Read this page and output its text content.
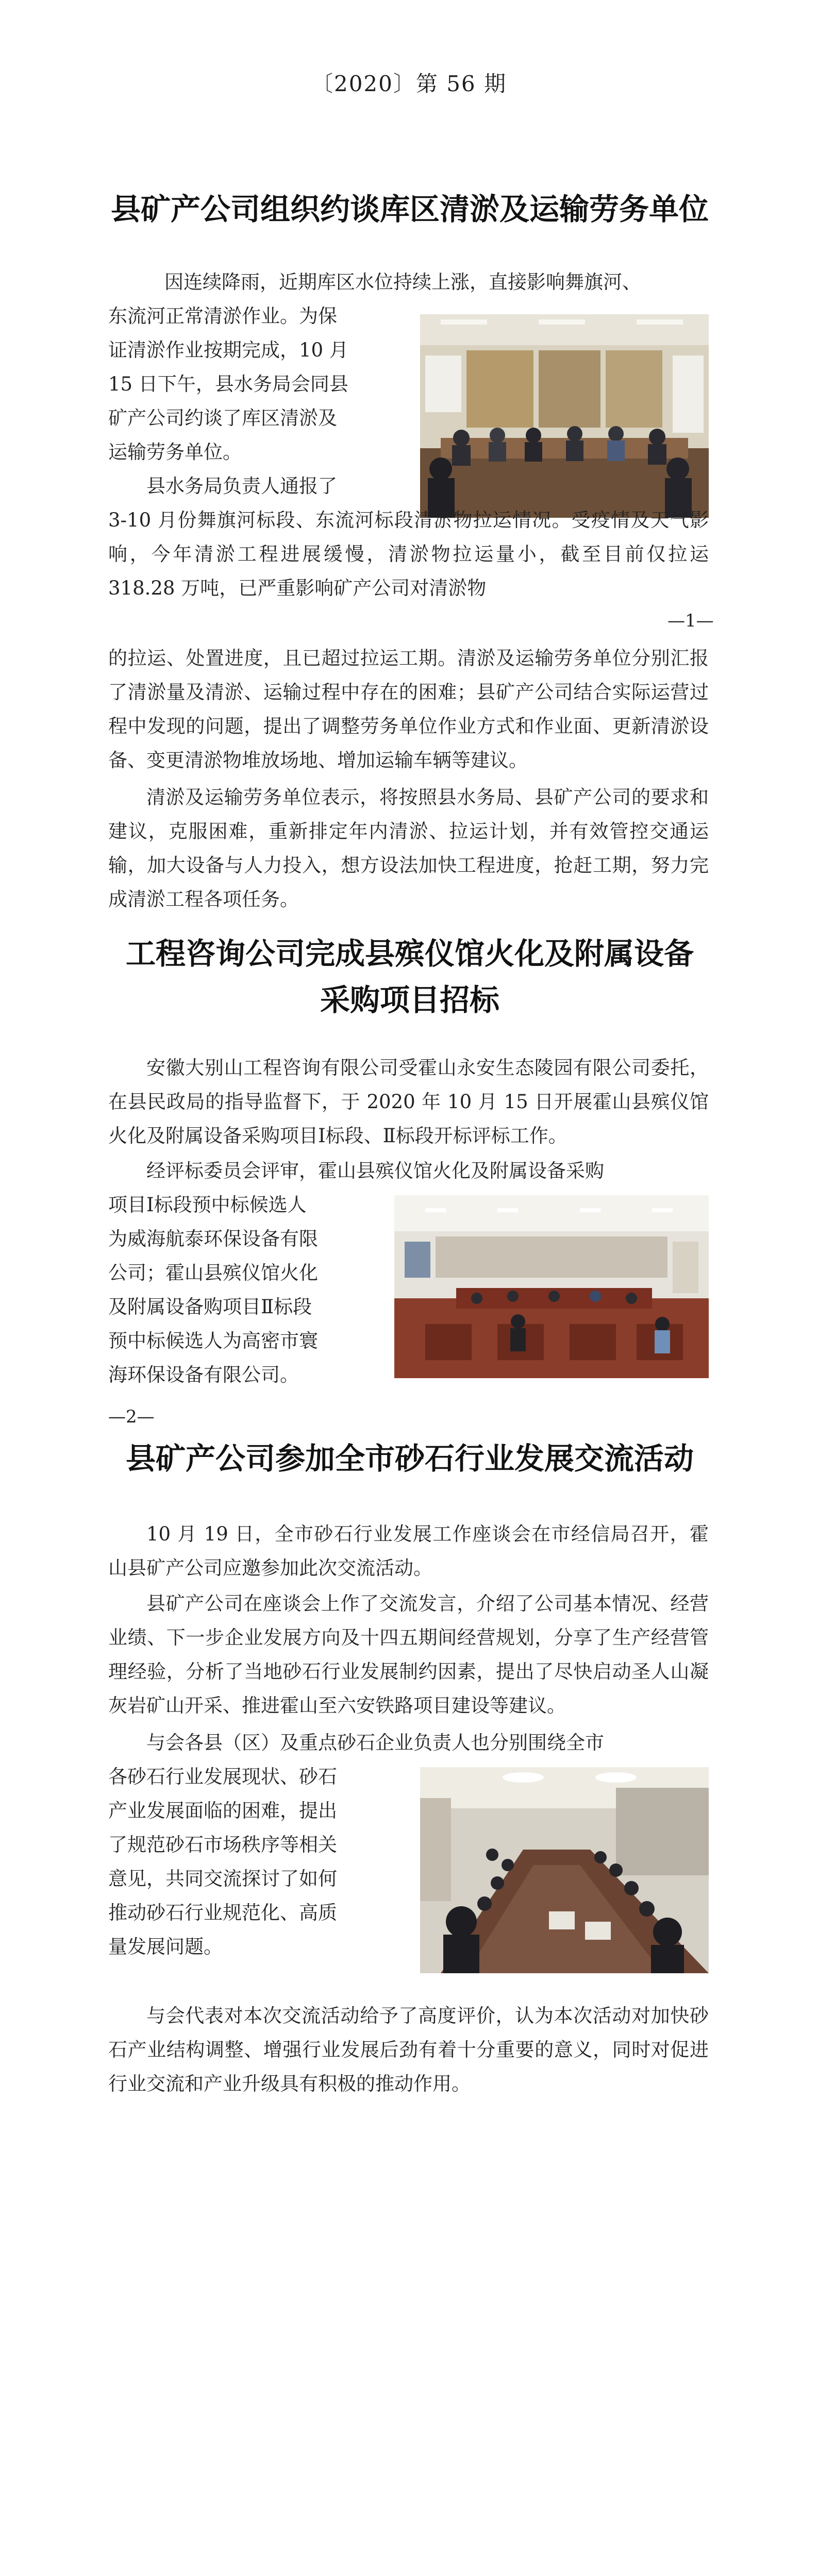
〔2020〕第 56 期
县矿产公司组织约谈库区清淤及运输劳务单位
因连续降雨，近期库区水位持续上涨，直接影响舞旗河、
东流河正常清淤作业。为保
证清淤作业按期完成，10 月
15 日下午，县水务局会同县
矿产公司约谈了库区清淤及
运输劳务单位。
县水务局负责人通报了
3-10 月份舞旗河标段、东流河标段清淤物拉运情况。受疫情及天气影响，今年清淤工程进展缓慢，清淤物拉运量小，截至目前仅拉运 318.28 万吨，已严重影响矿产公司对清淤物
—1—
的拉运、处置进度，且已超过拉运工期。清淤及运输劳务单位分别汇报了清淤量及清淤、运输过程中存在的困难；县矿产公司结合实际运营过程中发现的问题，提出了调整劳务单位作业方式和作业面、更新清淤设备、变更清淤物堆放场地、增加运输车辆等建议。
清淤及运输劳务单位表示，将按照县水务局、县矿产公司的要求和建议，克服困难，重新排定年内清淤、拉运计划，并有效管控交通运输，加大设备与人力投入，想方设法加快工程进度，抢赶工期，努力完成清淤工程各项任务。
工程咨询公司完成县殡仪馆火化及附属设备
采购项目招标
安徽大别山工程咨询有限公司受霍山永安生态陵园有限公司委托，在县民政局的指导监督下，于 2020 年 10 月 15 日开展霍山县殡仪馆火化及附属设备采购项目Ⅰ标段、Ⅱ标段开标评标工作。
经评标委员会评审，霍山县殡仪馆火化及附属设备采购
项目Ⅰ标段预中标候选人
为威海航泰环保设备有限
公司；霍山县殡仪馆火化
及附属设备购项目Ⅱ标段
预中标候选人为高密市寰
海环保设备有限公司。
—2—
县矿产公司参加全市砂石行业发展交流活动
10 月 19 日，全市砂石行业发展工作座谈会在市经信局召开，霍山县矿产公司应邀参加此次交流活动。
县矿产公司在座谈会上作了交流发言，介绍了公司基本情况、经营业绩、下一步企业发展方向及十四五期间经营规划，分享了生产经营管理经验，分析了当地砂石行业发展制约因素，提出了尽快启动圣人山凝灰岩矿山开采、推进霍山至六安铁路项目建设等建议。
与会各县（区）及重点砂石企业负责人也分别围绕全市
各砂石行业发展现状、砂石
产业发展面临的困难，提出
了规范砂石市场秩序等相关
意见，共同交流探讨了如何
推动砂石行业规范化、高质
量发展问题。
与会代表对本次交流活动给予了高度评价，认为本次活动对加快砂石产业结构调整、增强行业发展后劲有着十分重要的意义，同时对促进行业交流和产业升级具有积极的推动作用。
